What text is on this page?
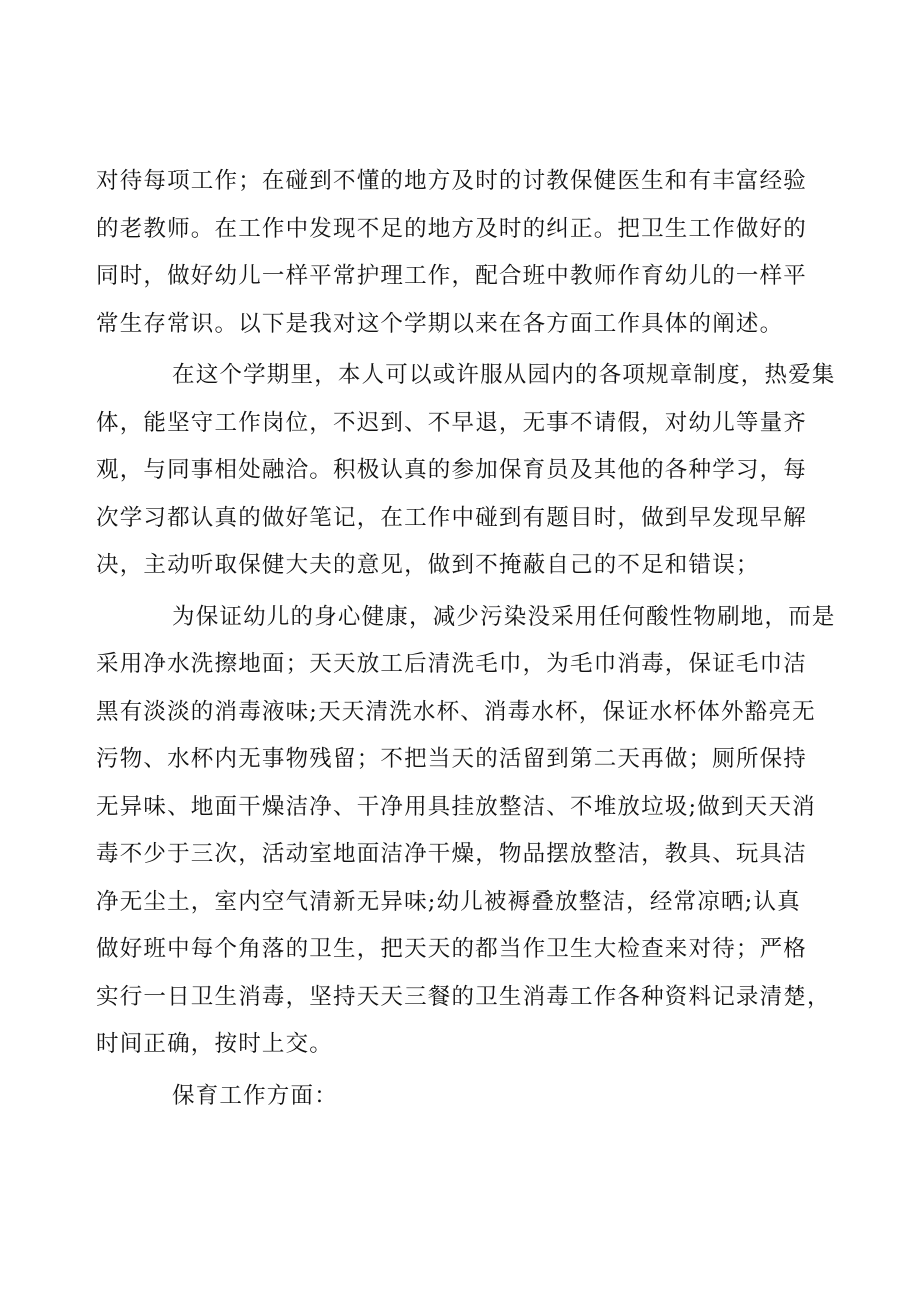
对待每项工作；在碰到不懂的地方及时的讨教保健医生和有丰富经验
的老教师。在工作中发现不足的地方及时的纠正。把卫生工作做好的
同时，做好幼儿一样平常护理工作，配合班中教师作育幼儿的一样平
常生存常识。以下是我对这个学期以来在各方面工作具体的阐述。

在这个学期里，本人可以或许服从园内的各项规章制度，热爱集
体，能坚守工作岗位，不迟到、不早退，无事不请假，对幼儿等量齐
观，与同事相处融洽。积极认真的参加保育员及其他的各种学习，每
次学习都认真的做好笔记，在工作中碰到有题目时，做到早发现早解
决，主动听取保健大夫的意见，做到不掩蔽自己的不足和错误；

为保证幼儿的身心健康，减少污染没采用任何酸性物刷地，而是
采用净水洗擦地面；天天放工后清洗毛巾，为毛巾消毒，保证毛巾洁
黑有淡淡的消毒液味;天天清洗水杯、消毒水杯，保证水杯体外豁亮无
污物、水杯内无事物残留；不把当天的活留到第二天再做；厕所保持
无异味、地面干燥洁净、干净用具挂放整洁、不堆放垃圾;做到天天消
毒不少于三次，活动室地面洁净干燥，物品摆放整洁，教具、玩具洁
净无尘土，室内空气清新无异味;幼儿被褥叠放整洁，经常凉晒;认真
做好班中每个角落的卫生，把天天的都当作卫生大检查来对待；严格
实行一日卫生消毒，坚持天天三餐的卫生消毒工作各种资料记录清楚，
时间正确，按时上交。

保育工作方面：
